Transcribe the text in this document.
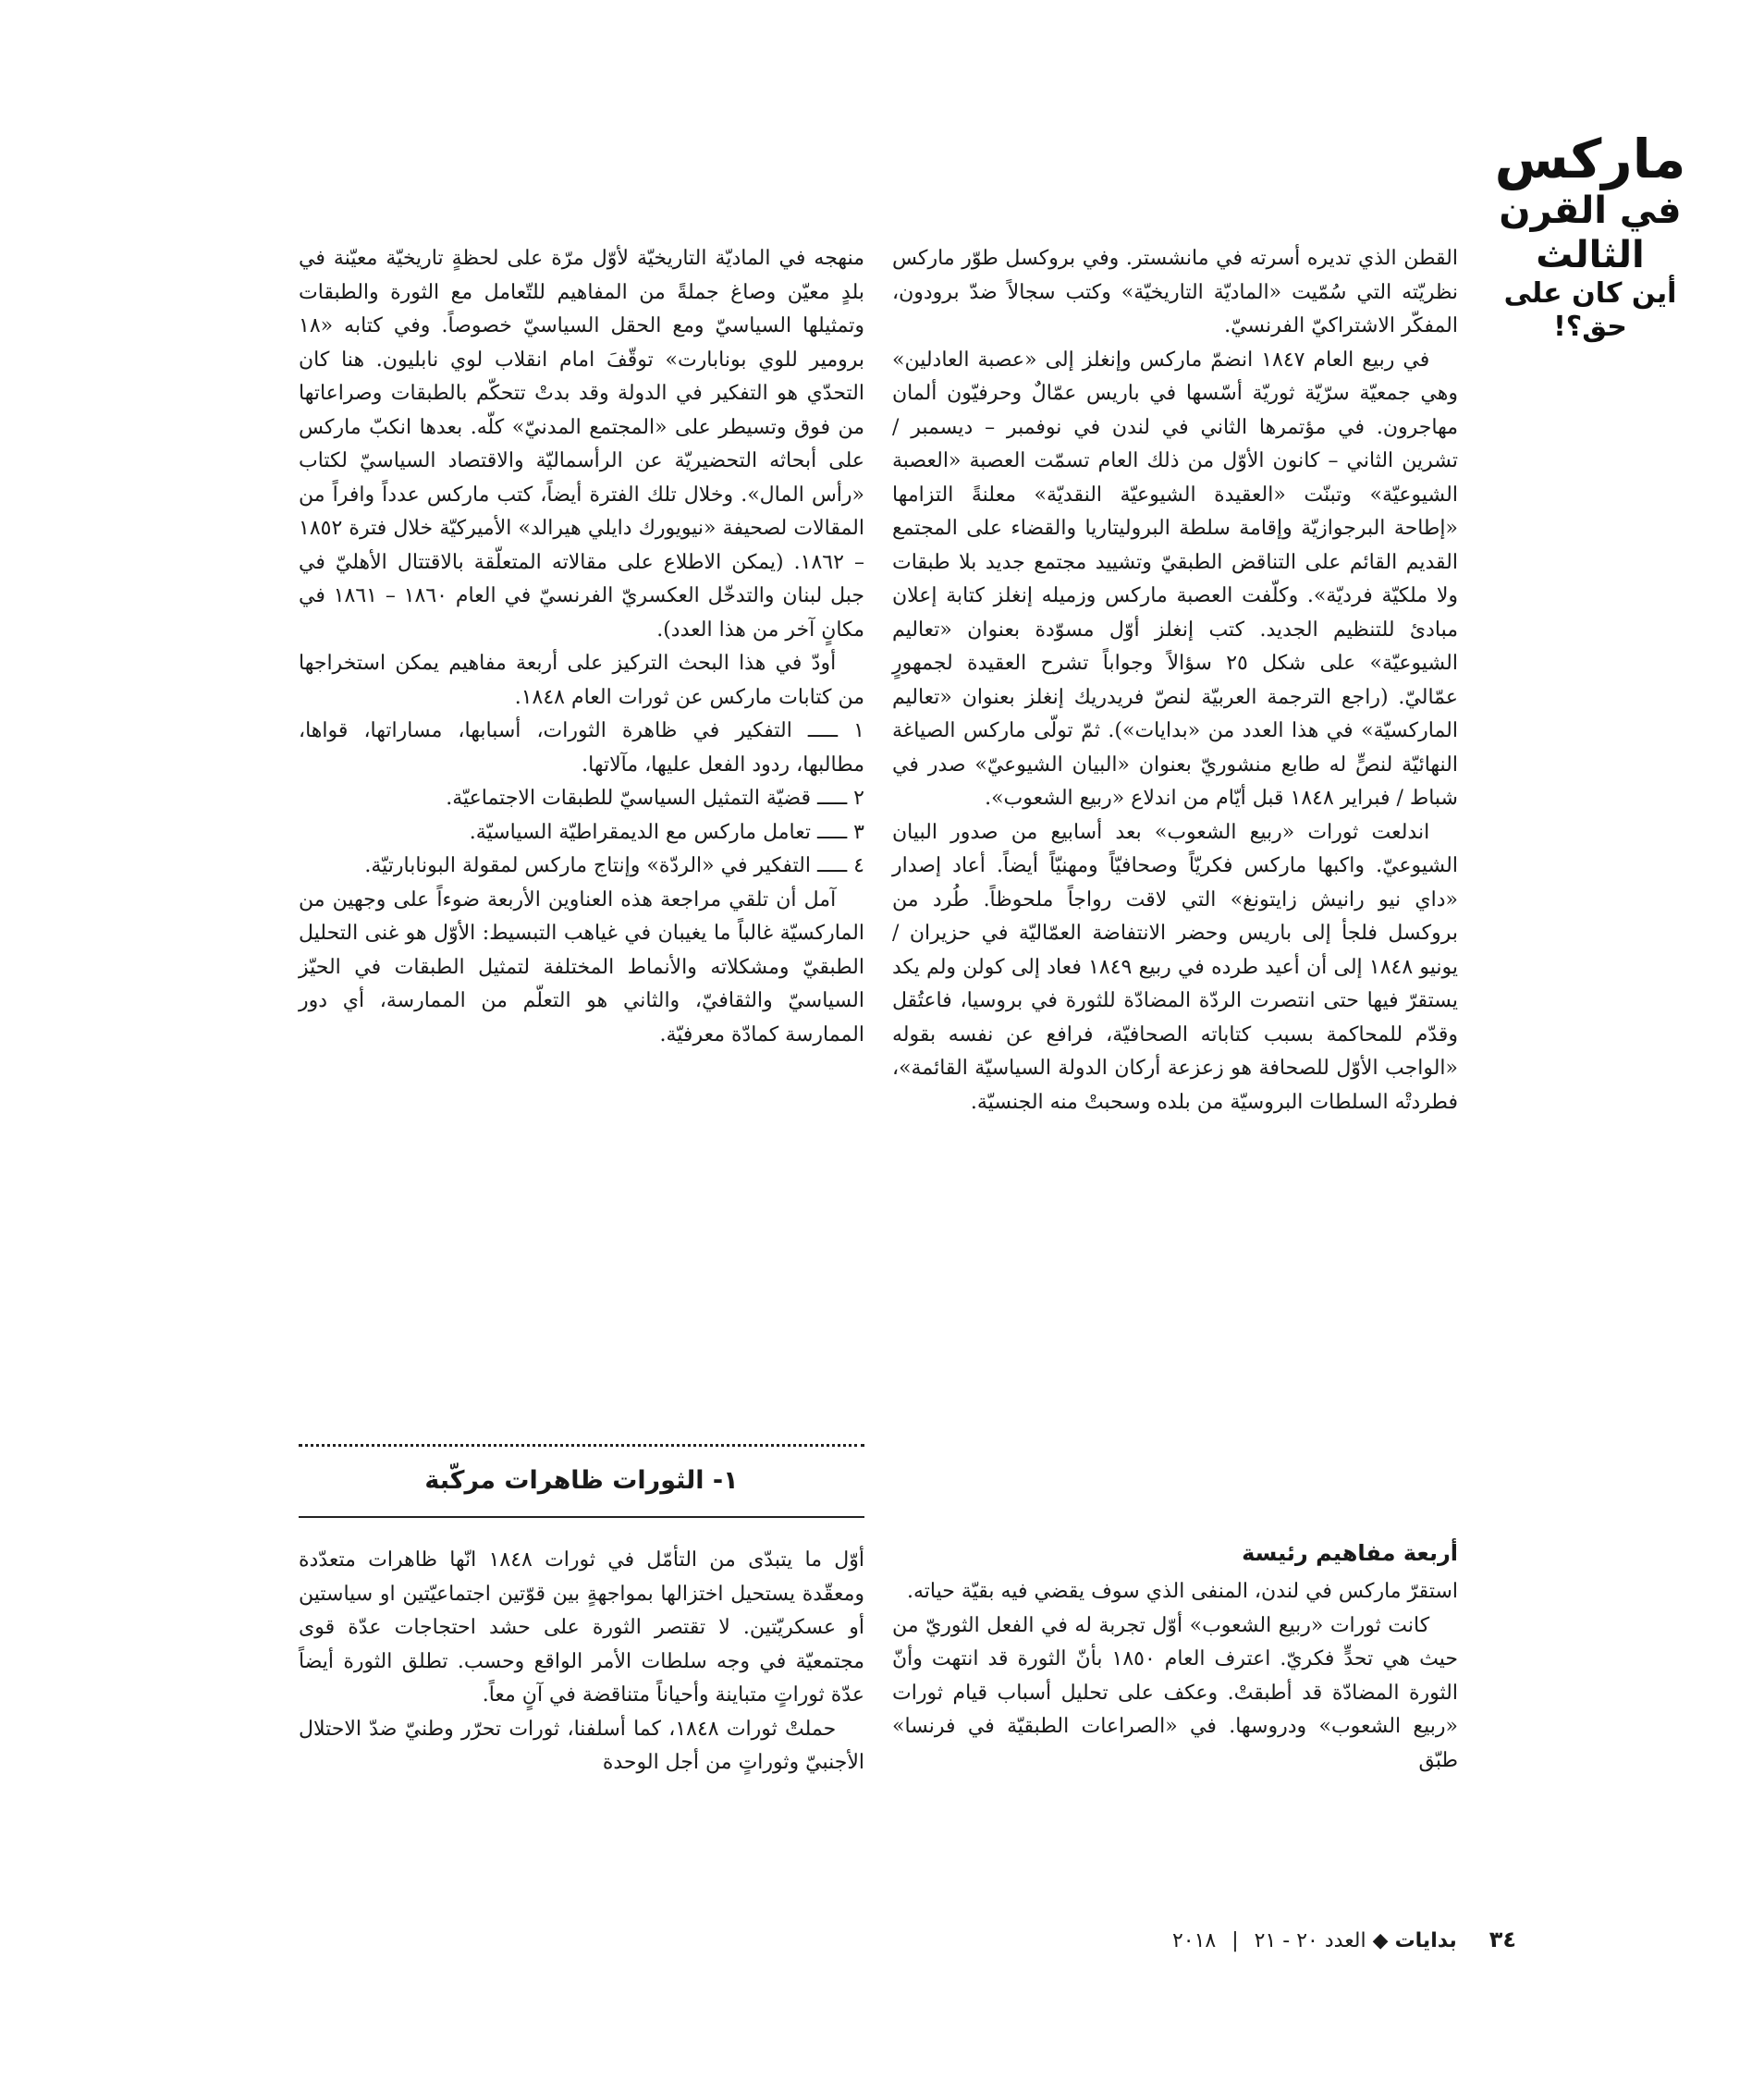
ماركس
في القرن الثالث
أين كان على حق؟!

القطن الذي تديره أسرته في مانشستر. وفي بروكسل طوّر ماركس نظريّته التي سُمّيت «الماديّة التاريخيّة» وكتب سجالاً ضدّ برودون، المفكّر الاشتراكيّ الفرنسيّ.

في ربيع العام ١٨٤٧ انضمّ ماركس وإنغلز إلى «عصبة العادلين» وهي جمعيّة سرّيّة ثوريّة أسّسها في باريس عمّالٌ وحرفيّون ألمان مهاجرون. في مؤتمرها الثاني في لندن في نوفمبر – ديسمبر / تشرين الثاني – كانون الأوّل من ذلك العام تسمّت العصبة «العصبة الشيوعيّة» وتبنّت «العقيدة الشيوعيّة النقديّة» معلنةً التزامها «إطاحة البرجوازيّة وإقامة سلطة البروليتاريا والقضاء على المجتمع القديم القائم على التناقض الطبقيّ وتشييد مجتمع جديد بلا طبقات ولا ملكيّة فرديّة». وكلّفت العصبة ماركس وزميله إنغلز كتابة إعلان مبادئ للتنظيم الجديد. كتب إنغلز أوّل مسوّدة بعنوان «تعاليم الشيوعيّة» على شكل ٢٥ سؤالاً وجواباً تشرح العقيدة لجمهورٍ عمّاليّ. (راجع الترجمة العربيّة لنصّ فريدريك إنغلز بعنوان «تعاليم الماركسيّة» في هذا العدد من «بدايات»). ثمّ تولّى ماركس الصياغة النهائيّة لنصٍّ له طابع منشوريّ بعنوان «البيان الشيوعيّ» صدر في شباط / فبراير ١٨٤٨ قبل أيّام من اندلاع «ربيع الشعوب».

اندلعت ثورات «ربيع الشعوب» بعد أسابيع من صدور البيان الشيوعيّ. واكبها ماركس فكريّاً وصحافيّاً ومهنيّاً أيضاً. أعاد إصدار «داي نيو رانيش زايتونغ» التي لاقت رواجاً ملحوظاً. طُرد من بروكسل فلجأ إلى باريس وحضر الانتفاضة العمّاليّة في حزيران / يونيو ١٨٤٨ إلى أن أعيد طرده في ربيع ١٨٤٩ فعاد إلى كولن ولم يكد يستقرّ فيها حتى انتصرت الردّة المضادّة للثورة في بروسيا، فاعتُقل وقدّم للمحاكمة بسبب كتاباته الصحافيّة، فرافع عن نفسه بقوله «الواجب الأوّل للصحافة هو زعزعة أركان الدولة السياسيّة القائمة»، فطردتْه السلطات البروسيّة من بلده وسحبتْ منه الجنسيّة.

منهجه في الماديّة التاريخيّة لأوّل مرّة على لحظةٍ تاريخيّة معيّنة في بلدٍ معيّن وصاغ جملةً من المفاهيم للتّعامل مع الثورة والطبقات وتمثيلها السياسيّ ومع الحقل السياسيّ خصوصاً. وفي كتابه «١٨ برومير للوي بونابارت» توقّفَ امام انقلاب لوي نابليون. هنا كان التحدّي هو التفكير في الدولة وقد بدتْ تتحكّم بالطبقات وصراعاتها من فوق وتسيطر على «المجتمع المدنيّ» كلّه. بعدها انكبّ ماركس على أبحاثه التحضيريّة عن الرأسماليّة والاقتصاد السياسيّ لكتاب «رأس المال». وخلال تلك الفترة أيضاً، كتب ماركس عدداً وافراً من المقالات لصحيفة «نيويورك دايلي هيرالد» الأميركيّة خلال فترة ١٨٥٢ – ١٨٦٢. (يمكن الاطلاع على مقالاته المتعلّقة بالاقتتال الأهليّ في جبل لبنان والتدخّل العكسريّ الفرنسيّ في العام ١٨٦٠ – ١٨٦١ في مكانٍ آخر من هذا العدد).

أودّ في هذا البحث التركيز على أربعة مفاهيم يمكن استخراجها من كتابات ماركس عن ثورات العام ١٨٤٨.

١ ـــــ التفكير في ظاهرة الثورات، أسبابها، مساراتها، قواها، مطالبها، ردود الفعل عليها، مآلاتها.

٢ ـــــ قضيّة التمثيل السياسيّ للطبقات الاجتماعيّة.

٣ ـــــ تعامل ماركس مع الديمقراطيّة السياسيّة.

٤ ـــــ التفكير في «الردّة» وإنتاج ماركس لمقولة البونابارتيّة.

آمل أن تلقي مراجعة هذه العناوين الأربعة ضوءاً على وجهين من الماركسيّة غالباً ما يغيبان في غياهب التبسيط: الأوّل هو غنى التحليل الطبقيّ ومشكلاته والأنماط المختلفة لتمثيل الطبقات في الحيّز السياسيّ والثقافيّ، والثاني هو التعلّم من الممارسة، أي دور الممارسة كمادّة معرفيّة.

١- الثورات ظاهرات مركّبة
أربعة مفاهيم رئيسة

استقرّ ماركس في لندن، المنفى الذي سوف يقضي فيه بقيّة حياته.

كانت ثورات «ربيع الشعوب» أوّل تجربة له في الفعل الثوريّ من حيث هي تحدٍّ فكريّ. اعترف العام ١٨٥٠ بأنّ الثورة قد انتهت وأنّ الثورة المضادّة قد أطبقتْ. وعكف على تحليل أسباب قيام ثورات «ربيع الشعوب» ودروسها. في «الصراعات الطبقيّة في فرنسا» طبّق

أوّل ما يتبدّى من التأمّل في ثورات ١٨٤٨ انّها ظاهرات متعدّدة ومعقّدة يستحيل اختزالها بمواجهةٍ بين قوّتين اجتماعيّتين او سياستين أو عسكريّتين. لا تقتصر الثورة على حشد احتجاجات عدّة قوى مجتمعيّة في وجه سلطات الأمر الواقع وحسب. تطلق الثورة أيضاً عدّة ثوراتٍ متباينة وأحياناً متناقضة في آنٍ معاً.

حملتْ ثورات ١٨٤٨، كما أسلفنا، ثورات تحرّر وطنيّ ضدّ الاحتلال الأجنبيّ وثوراتٍ من أجل الوحدة

٣٤ بدايات ◆ العدد ٢٠ - ٢١ | ٢٠١٨
